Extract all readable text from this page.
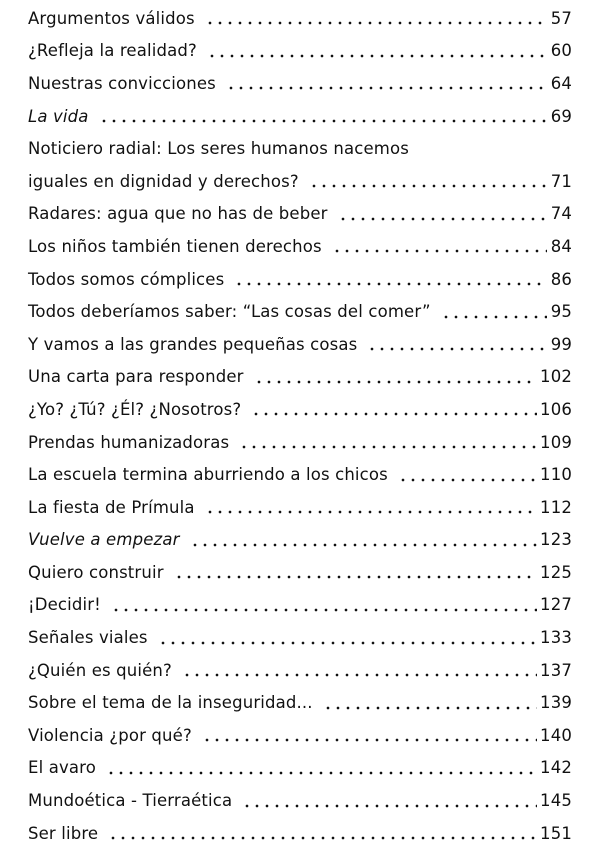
Argumentos válidos	57
¿Refleja la realidad?	60
Nuestras convicciones	64
La vida	69
Noticiero radial: Los seres humanos nacemos
iguales en dignidad y derechos?	71
Radares: agua que no has de beber	74
Los niños también tienen derechos	84
Todos somos cómplices	86
Todos deberíamos saber: “Las cosas del comer”	95
Y vamos a las grandes pequeñas cosas	99
Una carta para responder	102
¿Yo? ¿Tú? ¿Él? ¿Nosotros?	106
Prendas humanizadoras	109
La escuela termina aburriendo a los chicos	110
La fiesta de Prímula	112
Vuelve a empezar	123
Quiero construir	125
¡Decidir!	127
Señales viales	133
¿Quién es quién?	137
Sobre el tema de la inseguridad...	139
Violencia ¿por qué?	140
El avaro	142
Mundoética - Tierraética	145
Ser libre	151
